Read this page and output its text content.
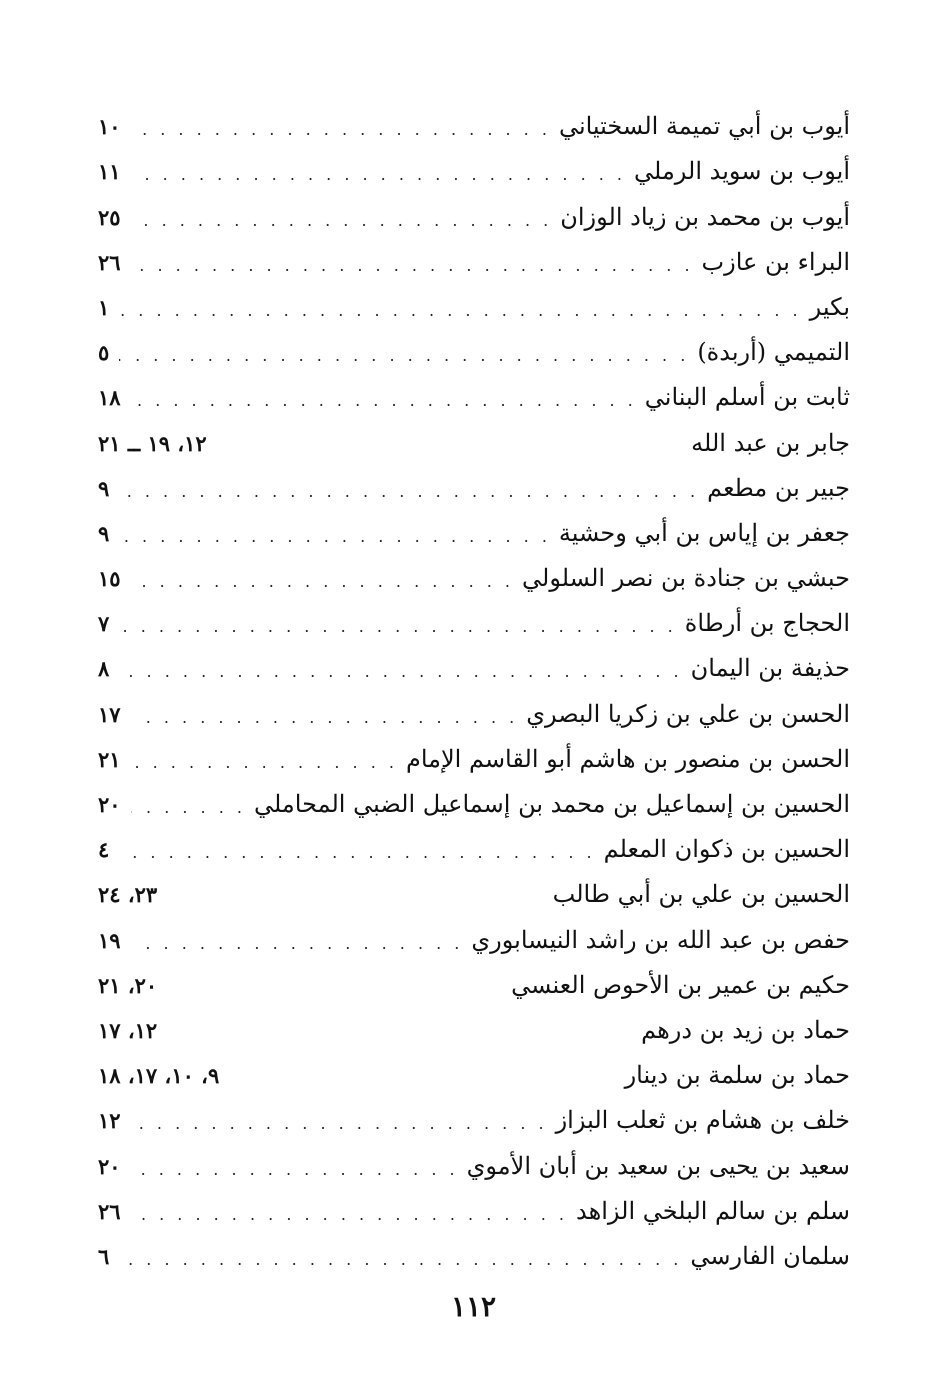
أيوب بن أبي تميمة السختياني
. . .
١٠
أيوب بن سويد الرملي
. . .
١١
أيوب بن محمد بن زياد الوزان
. . .
٢٥
البراء بن عازب
. . .
٢٦
بكير
. . .
١
التميمي (أربدة)
. . .
٥
ثابت بن أسلم البناني
. . .
١٨
جابر بن عبد الله
١٢، ١٩ ــ ٢١
جبير بن مطعم
. . .
٩
جعفر بن إياس بن أبي وحشية
. . .
٩
حبشي بن جنادة بن نصر السلولي
. . .
١٥
الحجاج بن أرطاة
. . .
٧
حذيفة بن اليمان
. . .
٨
الحسن بن علي بن زكريا البصري
. . .
١٧
الحسن بن منصور بن هاشم أبو القاسم الإمام
. . .
٢١
الحسين بن إسماعيل بن محمد بن إسماعيل الضبي المحاملي
. . .
٢٠
الحسين بن ذكوان المعلم
. . .
٤
الحسين بن علي بن أبي طالب
٢٣، ٢٤
حفص بن عبد الله بن راشد النيسابوري
. . .
١٩
حكيم بن عمير بن الأحوص العنسي
٢٠، ٢١
حماد بن زيد بن درهم
١٢، ١٧
حماد بن سلمة بن دينار
٩، ١٠، ١٧، ١٨
خلف بن هشام بن ثعلب البزاز
. . .
١٢
سعيد بن يحيى بن سعيد بن أبان الأموي
. . .
٢٠
سلم بن سالم البلخي الزاهد
. . .
٢٦
سلمان الفارسي
. . .
٦
١١٢
